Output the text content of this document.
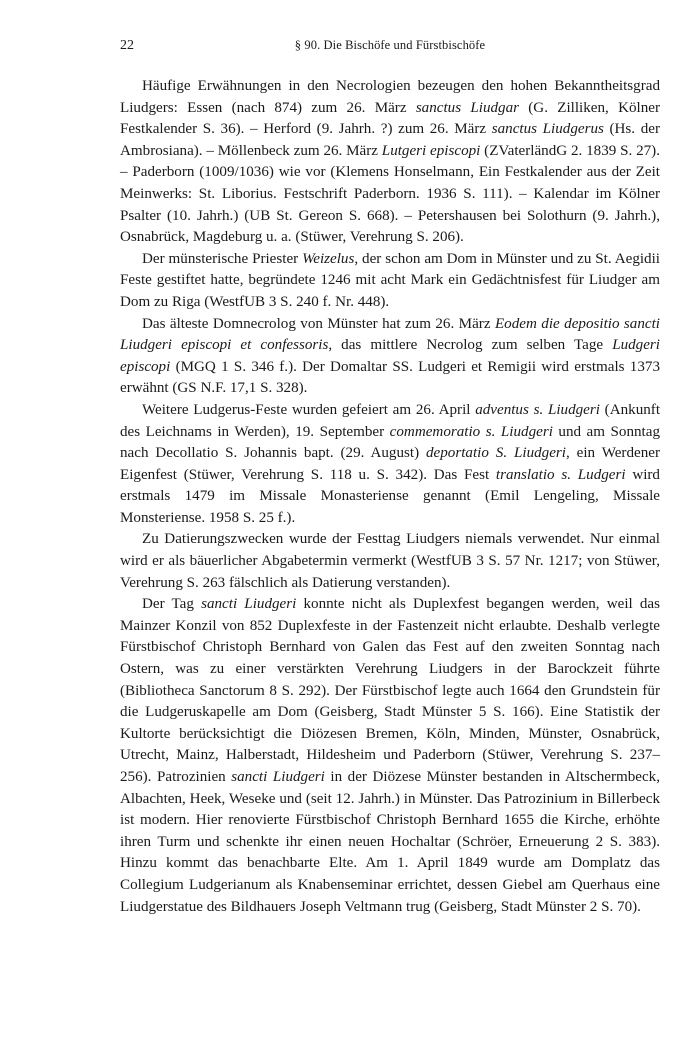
22	§ 90. Die Bischöfe und Fürstbischöfe

Häufige Erwähnungen in den Necrologien bezeugen den hohen Bekanntheitsgrad Liudgers: Essen (nach 874) zum 26. März sanctus Liudgar (G. Zilliken, Kölner Festkalender S. 36). – Herford (9. Jahrh. ?) zum 26. März sanctus Liudgerus (Hs. der Ambrosiana). – Möllenbeck zum 26. März Lutgeri episcopi (ZVaterländG 2. 1839 S. 27). – Paderborn (1009/1036) wie vor (Klemens Honselmann, Ein Festkalender aus der Zeit Meinwerks: St. Liborius. Festschrift Paderborn. 1936 S. 111). – Kalendar im Kölner Psalter (10. Jahrh.) (UB St. Gereon S. 668). – Petershausen bei Solothurn (9. Jahrh.), Osnabrück, Magdeburg u. a. (Stüwer, Verehrung S. 206).

Der münsterische Priester Weizelus, der schon am Dom in Münster und zu St. Aegidii Feste gestiftet hatte, begründete 1246 mit acht Mark ein Gedächtnisfest für Liudger am Dom zu Riga (WestfUB 3 S. 240 f. Nr. 448).

Das älteste Domnecrolog von Münster hat zum 26. März Eodem die depositio sancti Liudgeri episcopi et confessoris, das mittlere Necrolog zum selben Tage Ludgeri episcopi (MGQ 1 S. 346 f.). Der Domaltar SS. Ludgeri et Remigii wird erstmals 1373 erwähnt (GS N.F. 17,1 S. 328).

Weitere Ludgerus-Feste wurden gefeiert am 26. April adventus s. Liudgeri (Ankunft des Leichnams in Werden), 19. September commemoratio s. Liudgeri und am Sonntag nach Decollatio S. Johannis bapt. (29. August) deportatio S. Liudgeri, ein Werdener Eigenfest (Stüwer, Verehrung S. 118 u. S. 342). Das Fest translatio s. Ludgeri wird erstmals 1479 im Missale Monasteriense genannt (Emil Lengeling, Missale Monsteriense. 1958 S. 25 f.).

Zu Datierungszwecken wurde der Festtag Liudgers niemals verwendet. Nur einmal wird er als bäuerlicher Abgabetermin vermerkt (WestfUB 3 S. 57 Nr. 1217; von Stüwer, Verehrung S. 263 fälschlich als Datierung verstanden).

Der Tag sancti Liudgeri konnte nicht als Duplexfest begangen werden, weil das Mainzer Konzil von 852 Duplexfeste in der Fastenzeit nicht erlaubte. Deshalb verlegte Fürstbischof Christoph Bernhard von Galen das Fest auf den zweiten Sonntag nach Ostern, was zu einer verstärkten Verehrung Liudgers in der Barockzeit führte (Bibliotheca Sanctorum 8 S. 292). Der Fürstbischof legte auch 1664 den Grundstein für die Ludgeruskapelle am Dom (Geisberg, Stadt Münster 5 S. 166). Eine Statistik der Kultorte berücksichtigt die Diözesen Bremen, Köln, Minden, Münster, Osnabrück, Utrecht, Mainz, Halberstadt, Hildesheim und Paderborn (Stüwer, Verehrung S. 237–256). Patrozinien sancti Liudgeri in der Diözese Münster bestanden in Altschermbeck, Albachten, Heek, Weseke und (seit 12. Jahrh.) in Münster. Das Patrozinium in Billerbeck ist modern. Hier renovierte Fürstbischof Christoph Bernhard 1655 die Kirche, erhöhte ihren Turm und schenkte ihr einen neuen Hochaltar (Schröer, Erneuerung 2 S. 383). Hinzu kommt das benachbarte Elte. Am 1. April 1849 wurde am Domplatz das Collegium Ludgerianum als Knabenseminar errichtet, dessen Giebel am Querhaus eine Liudgerstatue des Bildhauers Joseph Veltmann trug (Geisberg, Stadt Münster 2 S. 70).
